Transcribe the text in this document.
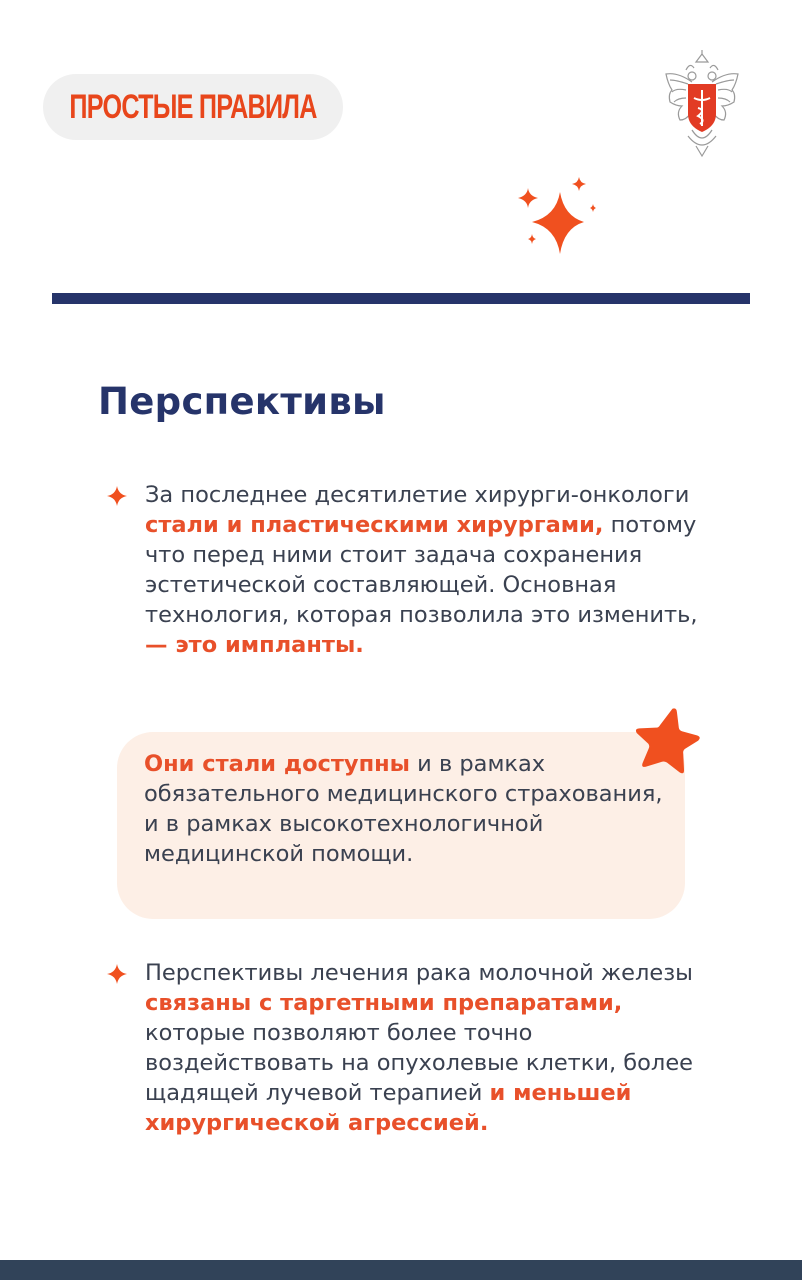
ПРОСТЫЕ ПРАВИЛА
Перспективы
За последнее десятилетие хирурги-онкологи стали и пластическими хирургами, потому что перед ними стоит задача сохранения эстетической составляющей. Основная технология, которая позволила это изменить, — это импланты.
Они стали доступны и в рамках обязательного медицинского страхования, и в рамках высокотехнологичной медицинской помощи.
Перспективы лечения рака молочной железы связаны с таргетными препаратами, которые позволяют более точно воздействовать на опухолевые клетки, более щадящей лучевой терапией и меньшей хирургической агрессией.
